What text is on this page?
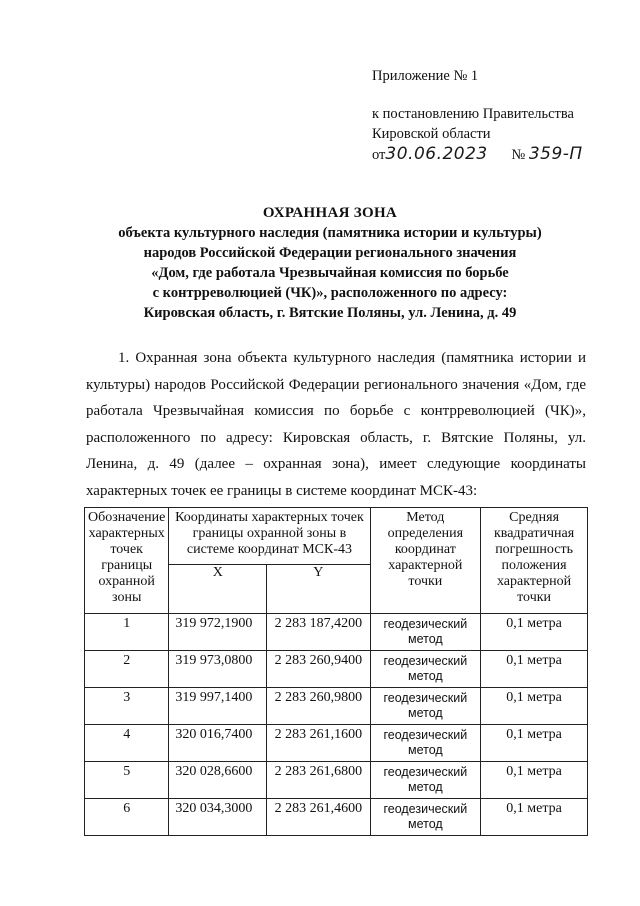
Приложение № 1
к постановлению Правительства
Кировской области
от30.06.2023 № 359-П
ОХРАННАЯ ЗОНА
объекта культурного наследия (памятника истории и культуры)
народов Российской Федерации регионального значения
«Дом, где работала Чрезвычайная комиссия по борьбе
с контрреволюцией (ЧК)», расположенного по адресу:
Кировская область, г. Вятские Поляны, ул. Ленина, д. 49

1. Охранная зона объекта культурного наследия (памятника истории и культуры) народов Российской Федерации регионального значения «Дом, где работала Чрезвычайная комиссия по борьбе с контрреволюцией (ЧК)», расположенного по адресу: Кировская область, г. Вятские Поляны, ул. Ленина, д. 49 (далее – охранная зона), имеет следующие координаты характерных точек ее границы в системе координат МСК-43:

Обозначение характерных точек границы охранной зоны	Координаты характерных точек границы охранной зоны в системе координат МСК-43		Метод определения координат характерной точки	Средняя квадратичная погрешность положения характерной точки
	X	Y		
1	319 972,1900	2 283 187,4200	геодезический метод	0,1 метра
2	319 973,0800	2 283 260,9400	геодезический метод	0,1 метра
3	319 997,1400	2 283 260,9800	геодезический метод	0,1 метра
4	320 016,7400	2 283 261,1600	геодезический метод	0,1 метра
5	320 028,6600	2 283 261,6800	геодезический метод	0,1 метра
6	320 034,3000	2 283 261,4600	геодезический метод	0,1 метра
